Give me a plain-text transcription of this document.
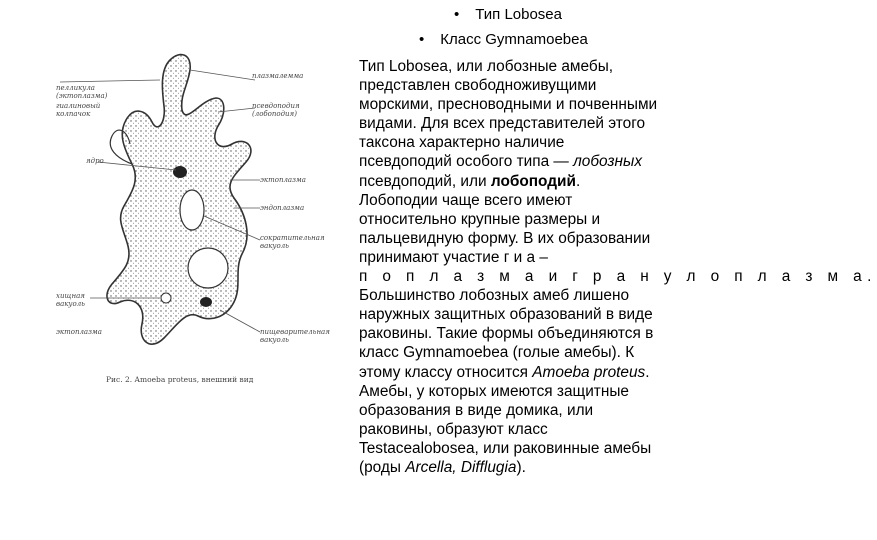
пелликула
(эктоплазма)
плазмалемма
гиалиновый
колпачок
псевдоподия
(лобоподия)
ядро
эктоплазма
эндоплазма
сократительная
вакуоль
хищная
вакуоль
пищеварительная
вакуоль
эктоплазма
Рис. 2. Amoeba proteus, внешний вид
• Тип Lobosea
• Класс Gymnamoebea
Тип Lobosea, или лобозные амебы,
представлен свободноживущими
морскими, пресноводными и почвенными
видами. Для всех представителей этого
таксона характерно наличие
псевдоподий особого типа — лобозных
псевдоподий, или лобоподий.
Лобоподии чаще всего имеют
относительно крупные размеры и
пальцевидную форму. В их образовании
принимают участие г и а –
п о п л а з м а и г р а н у л о п л а з м а.
Большинство лобозных амеб лишено
наружных защитных образований в виде
раковины. Такие формы объединяются в
класс Gymnamoebea (голые амебы). К
этому классу относится Amoeba proteus.
Амебы, у которых имеются защитные
образования в виде домика, или
раковины, образуют класс
Testacealobosea, или раковинные амебы
(роды Arcella, Difflugia).
